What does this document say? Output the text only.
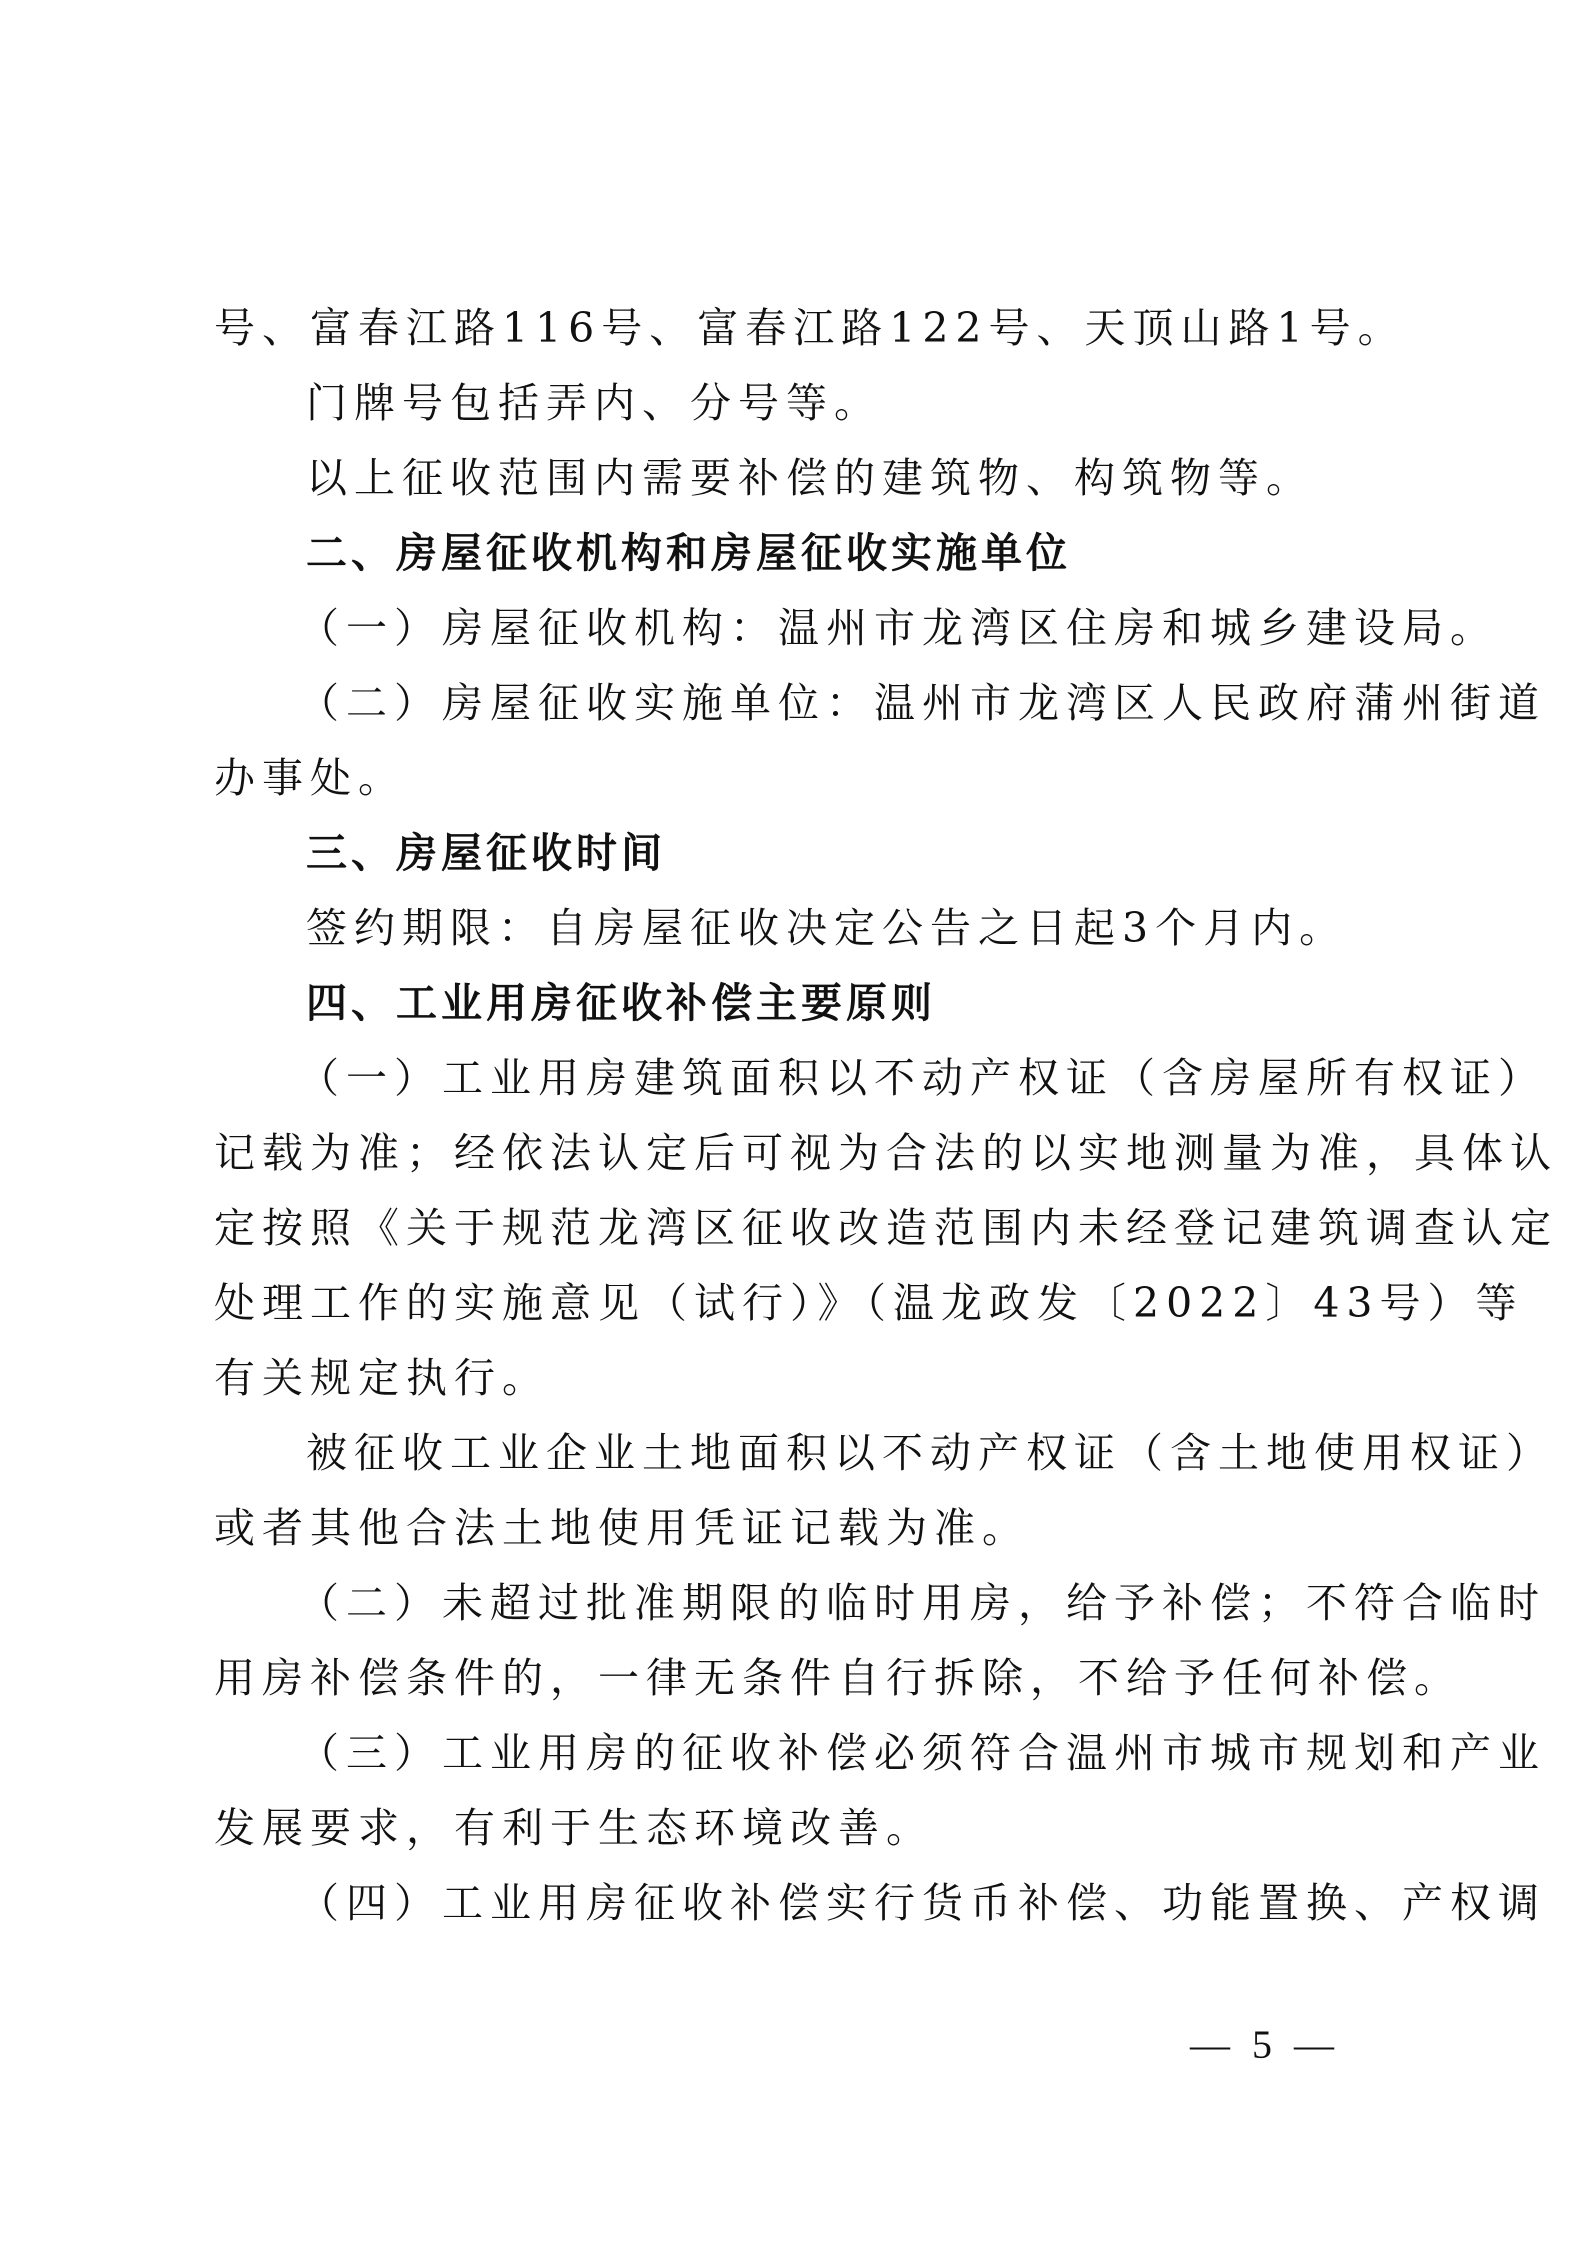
号、富春江路116号、富春江路122号、天顶山路1号。
门牌号包括弄内、分号等。
以上征收范围内需要补偿的建筑物、构筑物等。
二、房屋征收机构和房屋征收实施单位
（一）房屋征收机构：温州市龙湾区住房和城乡建设局。
（二）房屋征收实施单位：温州市龙湾区人民政府蒲州街道
办事处。
三、房屋征收时间
签约期限：自房屋征收决定公告之日起3个月内。
四、工业用房征收补偿主要原则
（一）工业用房建筑面积以不动产权证（含房屋所有权证）
记载为准；经依法认定后可视为合法的以实地测量为准，具体认
定按照《关于规范龙湾区征收改造范围内未经登记建筑调查认定
处理工作的实施意见（试行）》（温龙政发〔2022〕43号）等
有关规定执行。
被征收工业企业土地面积以不动产权证（含土地使用权证）
或者其他合法土地使用凭证记载为准。
（二）未超过批准期限的临时用房，给予补偿；不符合临时
用房补偿条件的，一律无条件自行拆除，不给予任何补偿。
（三）工业用房的征收补偿必须符合温州市城市规划和产业
发展要求，有利于生态环境改善。
（四）工业用房征收补偿实行货币补偿、功能置换、产权调
— 5 —
